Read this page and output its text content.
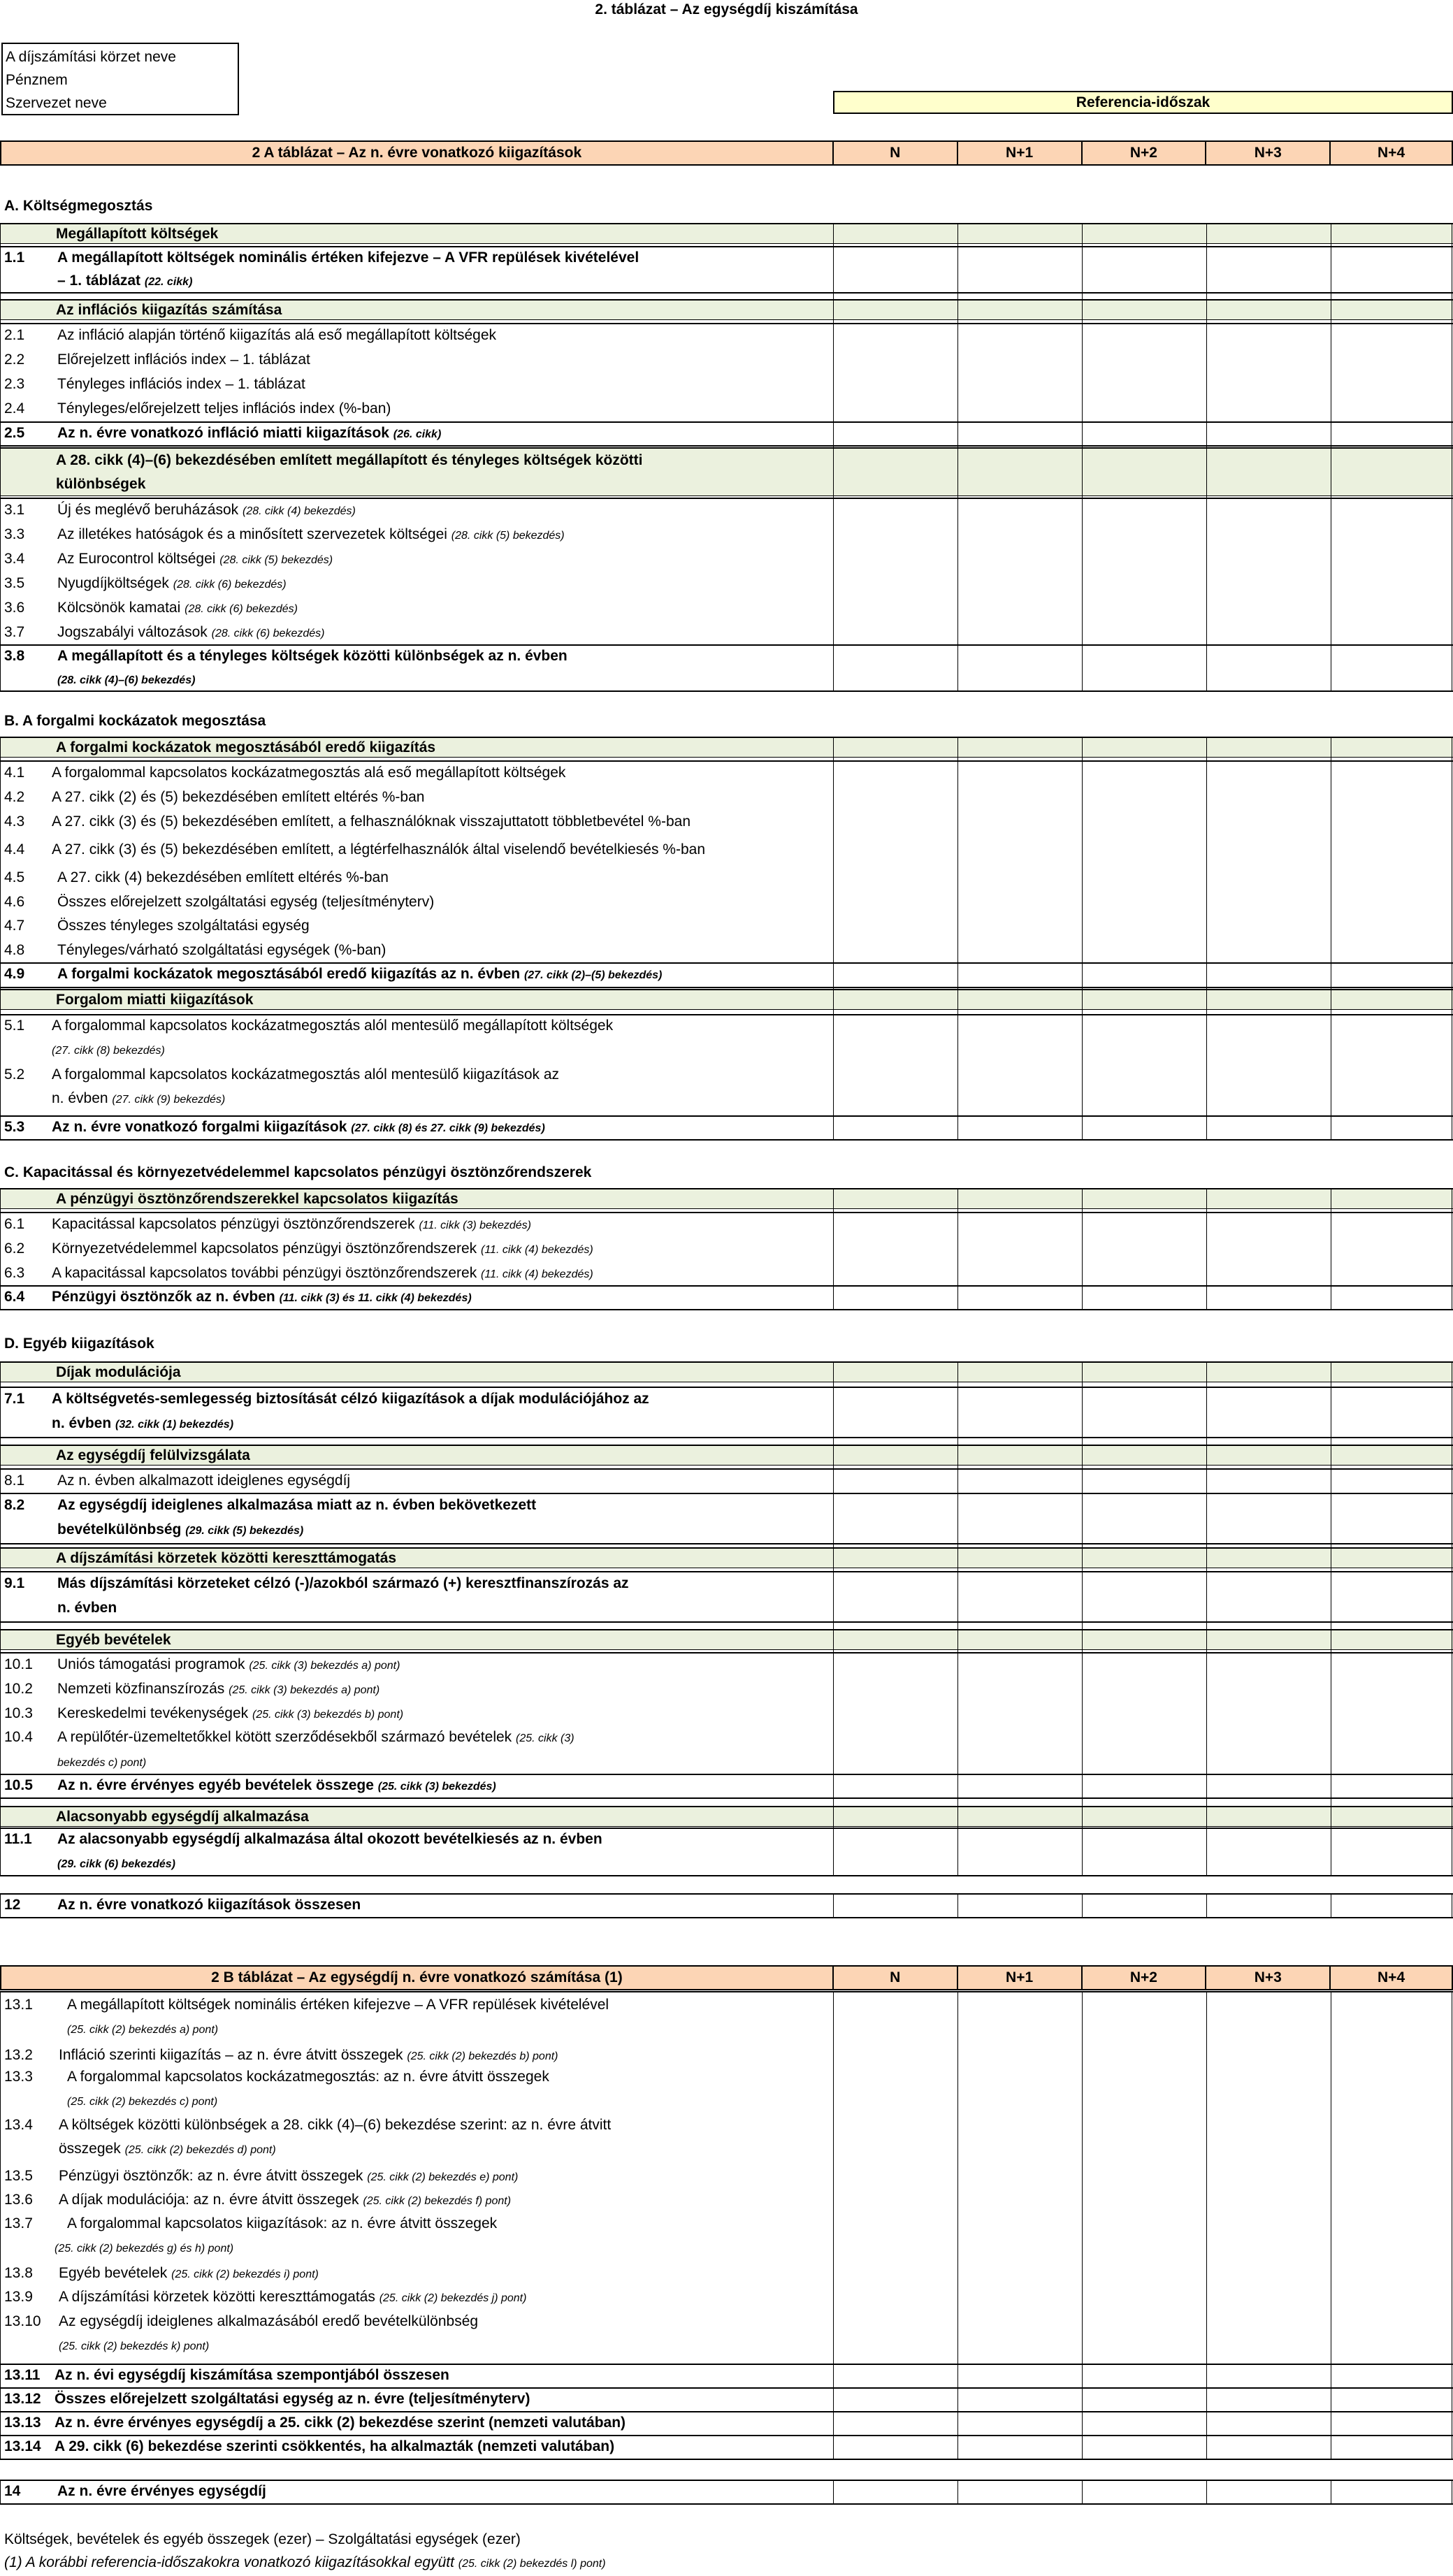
2. táblázat – Az egységdíj kiszámítása
A díjszámítási körzet neve
Pénznem
Szervezet neve	Referencia-időszak
2 A táblázat – Az n. évre vonatkozó kiigazítások	N	N+1	N+2	N+3	N+4
A. Költségmegosztás
Megállapított költségek
1.1 A megállapított költségek nominális értéken kifejezve – A VFR repülések kivételével
– 1. táblázat (22. cikk)
Az inflációs kiigazítás számítása
2.1 Az infláció alapján történő kiigazítás alá eső megállapított költségek
2.2 Előrejelzett inflációs index – 1. táblázat
2.3 Tényleges inflációs index – 1. táblázat
2.4 Tényleges/előrejelzett teljes inflációs index (%-ban)
2.5 Az n. évre vonatkozó infláció miatti kiigazítások (26. cikk)
A 28. cikk (4)–(6) bekezdésében említett megállapított és tényleges költségek közötti
különbségek
3.1 Új és meglévő beruházások (28. cikk (4) bekezdés)
3.3 Az illetékes hatóságok és a minősített szervezetek költségei (28. cikk (5) bekezdés)
3.4 Az Eurocontrol költségei (28. cikk (5) bekezdés)
3.5 Nyugdíjköltségek (28. cikk (6) bekezdés)
3.6 Kölcsönök kamatai (28. cikk (6) bekezdés)
3.7 Jogszabályi változások (28. cikk (6) bekezdés)
3.8 A megállapított és a tényleges költségek közötti különbségek az n. évben
(28. cikk (4)–(6) bekezdés)
B. A forgalmi kockázatok megosztása
A forgalmi kockázatok megosztásából eredő kiigazítás
4.1 A forgalommal kapcsolatos kockázatmegosztás alá eső megállapított költségek
4.2 A 27. cikk (2) és (5) bekezdésében említett eltérés %-ban
4.3 A 27. cikk (3) és (5) bekezdésében említett, a felhasználóknak visszajuttatott többletbevétel %-ban
4.4 A 27. cikk (3) és (5) bekezdésében említett, a légtérfelhasználók által viselendő bevételkiesés %-ban
4.5 A 27. cikk (4) bekezdésében említett eltérés %-ban
4.6 Összes előrejelzett szolgáltatási egység (teljesítményterv)
4.7 Összes tényleges szolgáltatási egység
4.8 Tényleges/várható szolgáltatási egységek (%-ban)
4.9 A forgalmi kockázatok megosztásából eredő kiigazítás az n. évben (27. cikk (2)–(5) bekezdés)
Forgalom miatti kiigazítások
5.1 A forgalommal kapcsolatos kockázatmegosztás alól mentesülő megállapított költségek
(27. cikk (8) bekezdés)
5.2 A forgalommal kapcsolatos kockázatmegosztás alól mentesülő kiigazítások az
n. évben (27. cikk (9) bekezdés)
5.3 Az n. évre vonatkozó forgalmi kiigazítások (27. cikk (8) és 27. cikk (9) bekezdés)
C. Kapacitással és környezetvédelemmel kapcsolatos pénzügyi ösztönzőrendszerek
A pénzügyi ösztönzőrendszerekkel kapcsolatos kiigazítás
6.1 Kapacitással kapcsolatos pénzügyi ösztönzőrendszerek (11. cikk (3) bekezdés)
6.2 Környezetvédelemmel kapcsolatos pénzügyi ösztönzőrendszerek (11. cikk (4) bekezdés)
6.3 A kapacitással kapcsolatos további pénzügyi ösztönzőrendszerek (11. cikk (4) bekezdés)
6.4 Pénzügyi ösztönzők az n. évben (11. cikk (3) és 11. cikk (4) bekezdés)
D. Egyéb kiigazítások
Díjak modulációja
7.1 A költségvetés-semlegesség biztosítását célzó kiigazítások a díjak modulációjához az
n. évben (32. cikk (1) bekezdés)
Az egységdíj felülvizsgálata
8.1 Az n. évben alkalmazott ideiglenes egységdíj
8.2 Az egységdíj ideiglenes alkalmazása miatt az n. évben bekövetkezett
bevételkülönbség (29. cikk (5) bekezdés)
A díjszámítási körzetek közötti kereszttámogatás
9.1 Más díjszámítási körzeteket célzó (-)/azokból származó (+) keresztfinanszírozás az
n. évben
Egyéb bevételek
10.1 Uniós támogatási programok (25. cikk (3) bekezdés a) pont)
10.2 Nemzeti közfinanszírozás (25. cikk (3) bekezdés a) pont)
10.3 Kereskedelmi tevékenységek (25. cikk (3) bekezdés b) pont)
10.4 A repülőtér-üzemeltetőkkel kötött szerződésekből származó bevételek (25. cikk (3)
bekezdés c) pont)
10.5 Az n. évre érvényes egyéb bevételek összege (25. cikk (3) bekezdés)
Alacsonyabb egységdíj alkalmazása
11.1 Az alacsonyabb egységdíj alkalmazása által okozott bevételkiesés az n. évben
(29. cikk (6) bekezdés)
12	Az n. évre vonatkozó kiigazítások összesen
2 B táblázat – Az egységdíj n. évre vonatkozó számítása (1)	N	N+1	N+2	N+3	N+4
13.1 A megállapított költségek nominális értéken kifejezve – A VFR repülések kivételével
(25. cikk (2) bekezdés a) pont)
13.2 Infláció szerinti kiigazítás – az n. évre átvitt összegek (25. cikk (2) bekezdés b) pont)
13.3 A forgalommal kapcsolatos kockázatmegosztás: az n. évre átvitt összegek
(25. cikk (2) bekezdés c) pont)
13.4 A költségek közötti különbségek a 28. cikk (4)–(6) bekezdése szerint: az n. évre átvitt
összegek (25. cikk (2) bekezdés d) pont)
13.5 Pénzügyi ösztönzők: az n. évre átvitt összegek (25. cikk (2) bekezdés e) pont)
13.6 A díjak modulációja: az n. évre átvitt összegek (25. cikk (2) bekezdés f) pont)
13.7 A forgalommal kapcsolatos kiigazítások: az n. évre átvitt összegek
(25. cikk (2) bekezdés g) és h) pont)
13.8 Egyéb bevételek (25. cikk (2) bekezdés i) pont)
13.9 A díjszámítási körzetek közötti kereszttámogatás (25. cikk (2) bekezdés j) pont)
13.10 Az egységdíj ideiglenes alkalmazásából eredő bevételkülönbség
(25. cikk (2) bekezdés k) pont)
13.11 Az n. évi egységdíj kiszámítása szempontjából összesen
13.12 Összes előrejelzett szolgáltatási egység az n. évre (teljesítményterv)
13.13 Az n. évre érvényes egységdíj a 25. cikk (2) bekezdése szerint (nemzeti valutában)
13.14 A 29. cikk (6) bekezdése szerinti csökkentés, ha alkalmazták (nemzeti valutában)
14	Az n. évre érvényes egységdíj
Költségek, bevételek és egyéb összegek (ezer) – Szolgáltatási egységek (ezer)
(1) A korábbi referencia-időszakokra vonatkozó kiigazításokkal együtt (25. cikk (2) bekezdés l) pont)
